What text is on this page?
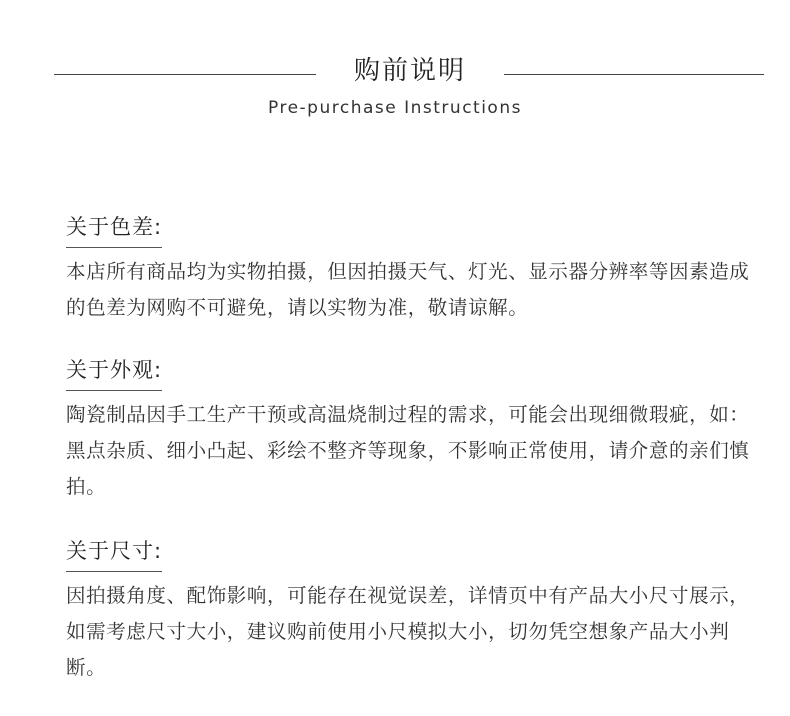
购前说明
Pre-purchase Instructions
关于色差:
本店所有商品均为实物拍摄，但因拍摄天气、灯光、显示器分辨率等因素造成的色差为网购不可避免，请以实物为准，敬请谅解。
关于外观:
陶瓷制品因手工生产干预或高温烧制过程的需求，可能会出现细微瑕疵，如：黑点杂质、细小凸起、彩绘不整齐等现象，不影响正常使用，请介意的亲们慎拍。
关于尺寸:
因拍摄角度、配饰影响，可能存在视觉误差，详情页中有产品大小尺寸展示，如需考虑尺寸大小，建议购前使用小尺模拟大小，切勿凭空想象产品大小判断。
